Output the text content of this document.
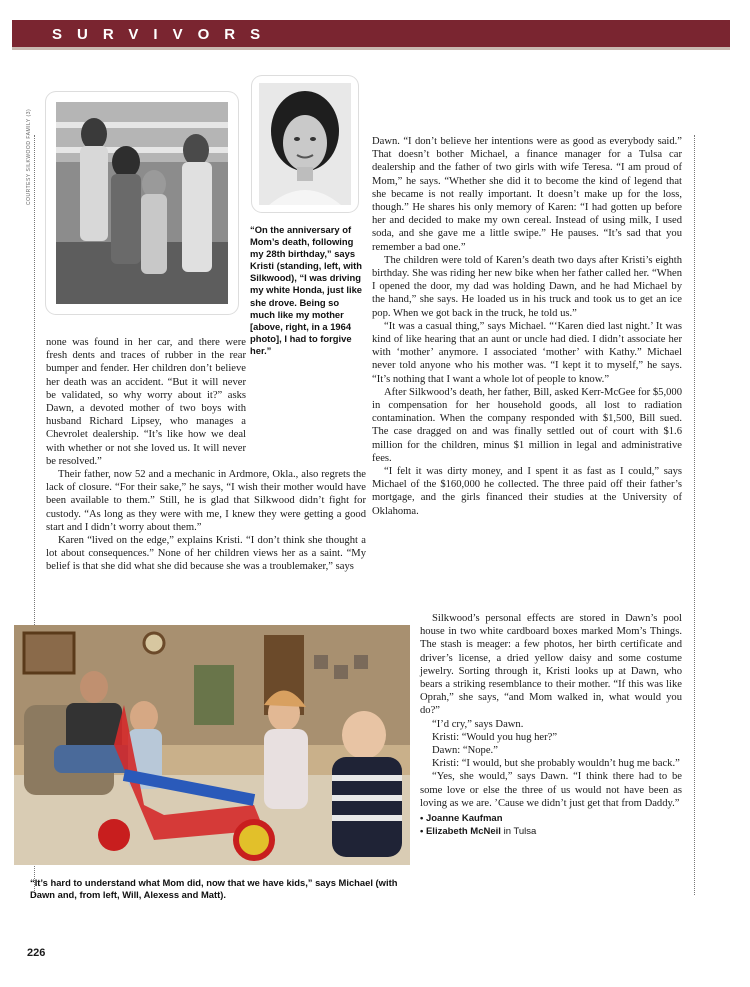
SURVIVORS
COURTESY SILKWOOD FAMILY (3)
“On the anniversary of Mom’s death, following my 28th birthday,” says Kristi (standing, left, with Silkwood), “I was driving my white Honda, just like she drove. Being so much like my mother [above, right, in a 1964 photo], I had to forgive her.”

none was found in her car, and there were fresh dents and traces of rubber in the rear bumper and fender. Her children don’t believe her death was an accident. “But it will never be validated, so why worry about it?” asks Dawn, a devoted mother of two boys with husband Richard Lipsey, who manages a Chevrolet dealership. “It’s like how we deal with whether or not she loved us. It will never be resolved.”

Their father, now 52 and a mechanic in Ardmore, Okla., also regrets the lack of closure. “For their sake,” he says, “I wish their mother would have been available to them.” Still, he is glad that Silkwood didn’t fight for custody. “As long as they were with me, I knew they were getting a good start and I didn’t worry about them.”

Karen “lived on the edge,” explains Kristi. “I don’t think she thought a lot about consequences.” None of her children views her as a saint. “My belief is that she did what she did because she was a troublemaker,” says

Dawn. “I don’t believe her intentions were as good as everybody said.” That doesn’t bother Michael, a finance manager for a Tulsa car dealership and the father of two girls with wife Teresa. “I am proud of Mom,” he says. “Whether she did it to become the kind of legend that she became is not really important. It doesn’t make up for the loss, though.” He shares his only memory of Karen: “I had gotten up before her and decided to make my own cereal. Instead of using milk, I used soda, and she gave me a little swipe.” He pauses. “It’s sad that you remember a bad one.”

The children were told of Karen’s death two days after Kristi’s eighth birthday. She was riding her new bike when her father called her. “When I opened the door, my dad was holding Dawn, and he had Michael by the hand,” she says. He loaded us in his truck and took us to get an ice pop. When we got back in the truck, he told us.”

“It was a casual thing,” says Michael. “‘Karen died last night.’ It was kind of like hearing that an aunt or uncle had died. I didn’t associate her with ‘mother’ anymore. I associated ‘mother’ with Kathy.” Michael never told anyone who his mother was. “I kept it to myself,” he says. “It’s nothing that I want a whole lot of people to know.”

After Silkwood’s death, her father, Bill, asked Kerr-McGee for $5,000 in compensation for her household goods, all lost to radiation contamination. When the company responded with $1,500, Bill sued. The case dragged on and was finally settled out of court with $1.6 million for the children, minus $1 million in legal and administrative fees.

“I felt it was dirty money, and I spent it as fast as I could,” says Michael of the $160,000 he collected. The three paid off their father’s mortgage, and the girls financed their studies at the University of Oklahoma.

“It’s hard to understand what Mom did, now that we have kids,” says Michael (with Dawn and, from left, Will, Alexess and Matt).

Silkwood’s personal effects are stored in Dawn’s pool house in two white cardboard boxes marked Mom’s Things. The stash is meager: a few photos, her birth certificate and driver’s license, a dried yellow daisy and some costume jewelry. Sorting through it, Kristi looks up at Dawn, who bears a striking resemblance to their mother. “If this was like Oprah,” she says, “and Mom walked in, what would you do?”

“I’d cry,” says Dawn.

Kristi: “Would you hug her?”

Dawn: “Nope.”

Kristi: “I would, but she probably wouldn’t hug me back.”

“Yes, she would,” says Dawn. “I think there had to be some love or else the three of us would not have been as loving as we are. ’Cause we didn’t just get that from Daddy.”

• Joanne Kaufman
• Elizabeth McNeil in Tulsa
226
